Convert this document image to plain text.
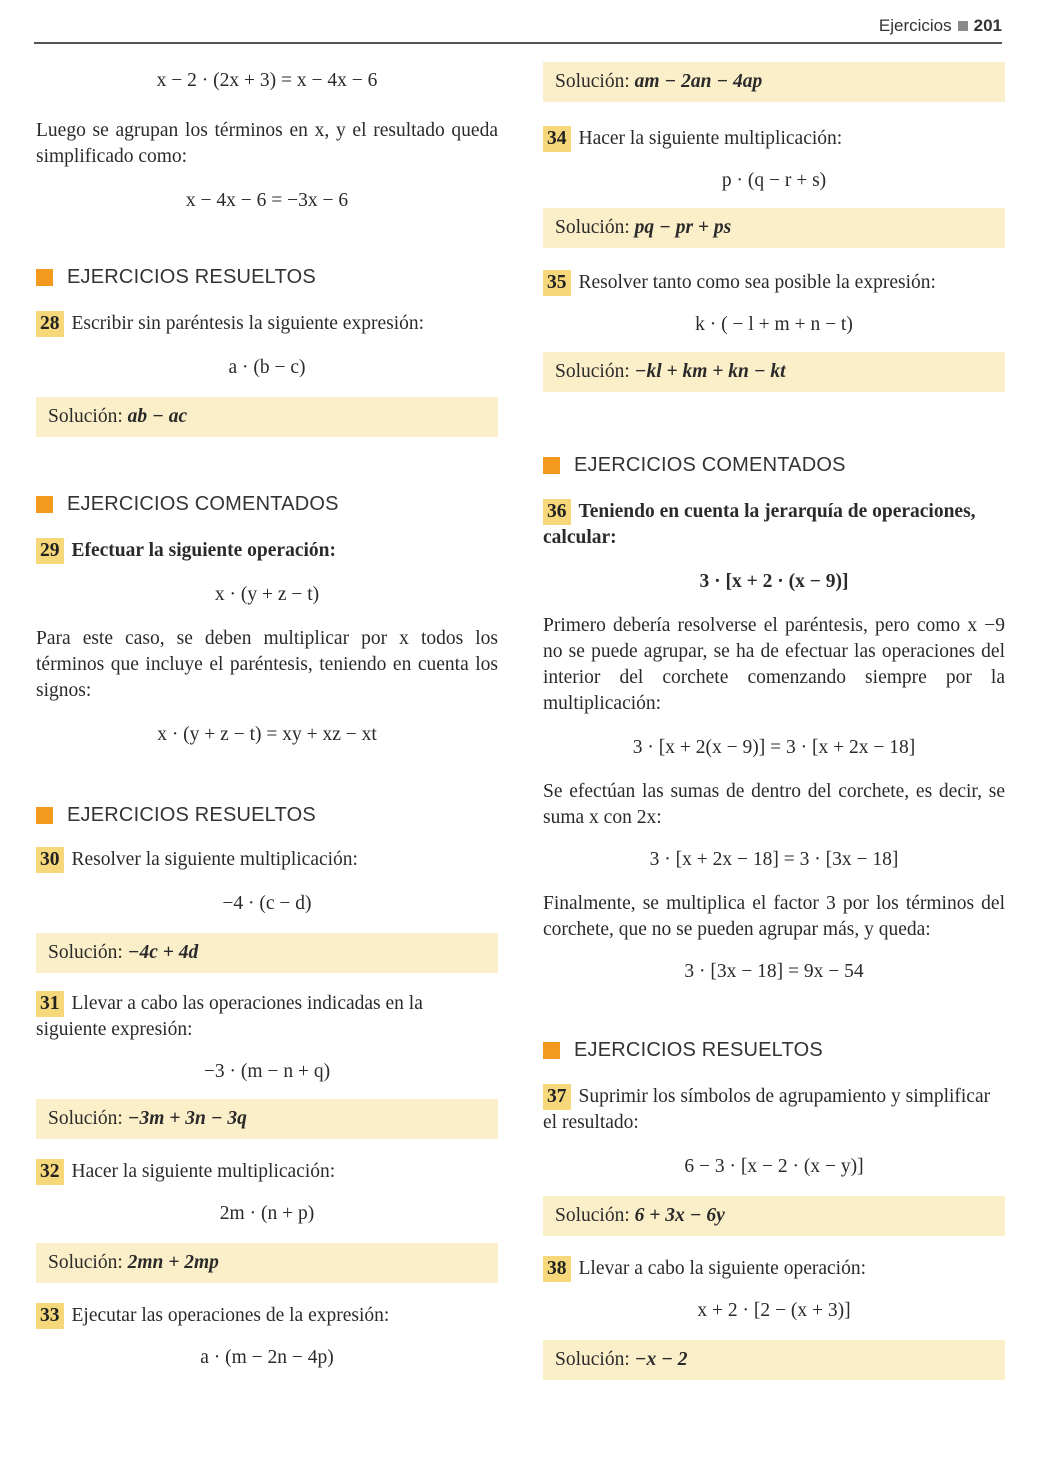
Ejercicios 201
x − 2 · (2x + 3) = x − 4x − 6
Luego se agrupan los términos en x, y el resultado queda simplificado como:
x − 4x − 6 = −3x − 6
EJERCICIOS RESUELTOS
28 Escribir sin paréntesis la siguiente expresión:
a · (b − c)
Solución: ab − ac
EJERCICIOS COMENTADOS
29 Efectuar la siguiente operación:
x · (y + z − t)
Para este caso, se deben multiplicar por x todos los términos que incluye el paréntesis, teniendo en cuenta los signos:
x · (y + z − t) = xy + xz − xt
EJERCICIOS RESUELTOS
30 Resolver la siguiente multiplicación:
−4 · (c − d)
Solución: −4c + 4d
31 Llevar a cabo las operaciones indicadas en la siguiente expresión:
−3 · (m − n + q)
Solución: −3m + 3n − 3q
32 Hacer la siguiente multiplicación:
2m · (n + p)
Solución: 2mn + 2mp
33 Ejecutar las operaciones de la expresión:
a · (m − 2n − 4p)
Solución: am − 2an − 4ap
34 Hacer la siguiente multiplicación:
p · (q − r + s)
Solución: pq − pr + ps
35 Resolver tanto como sea posible la expresión:
k · ( − l + m + n − t)
Solución: −kl + km + kn − kt
EJERCICIOS COMENTADOS
36 Teniendo en cuenta la jerarquía de operaciones, calcular:
3 · [x + 2 · (x − 9)]
Primero debería resolverse el paréntesis, pero como x −9 no se puede agrupar, se ha de efectuar las operaciones del interior del corchete comenzando siempre por la multiplicación:
3 · [x + 2(x − 9)] = 3 · [x + 2x − 18]
Se efectúan las sumas de dentro del corchete, es decir, se suma x con 2x:
3 · [x + 2x − 18] = 3 · [3x − 18]
Finalmente, se multiplica el factor 3 por los términos del corchete, que no se pueden agrupar más, y queda:
3 · [3x − 18] = 9x − 54
EJERCICIOS RESUELTOS
37 Suprimir los símbolos de agrupamiento y simplificar el resultado:
6 − 3 · [x − 2 · (x − y)]
Solución: 6 + 3x − 6y
38 Llevar a cabo la siguiente operación:
x + 2 · [2 − (x + 3)]
Solución: −x − 2
